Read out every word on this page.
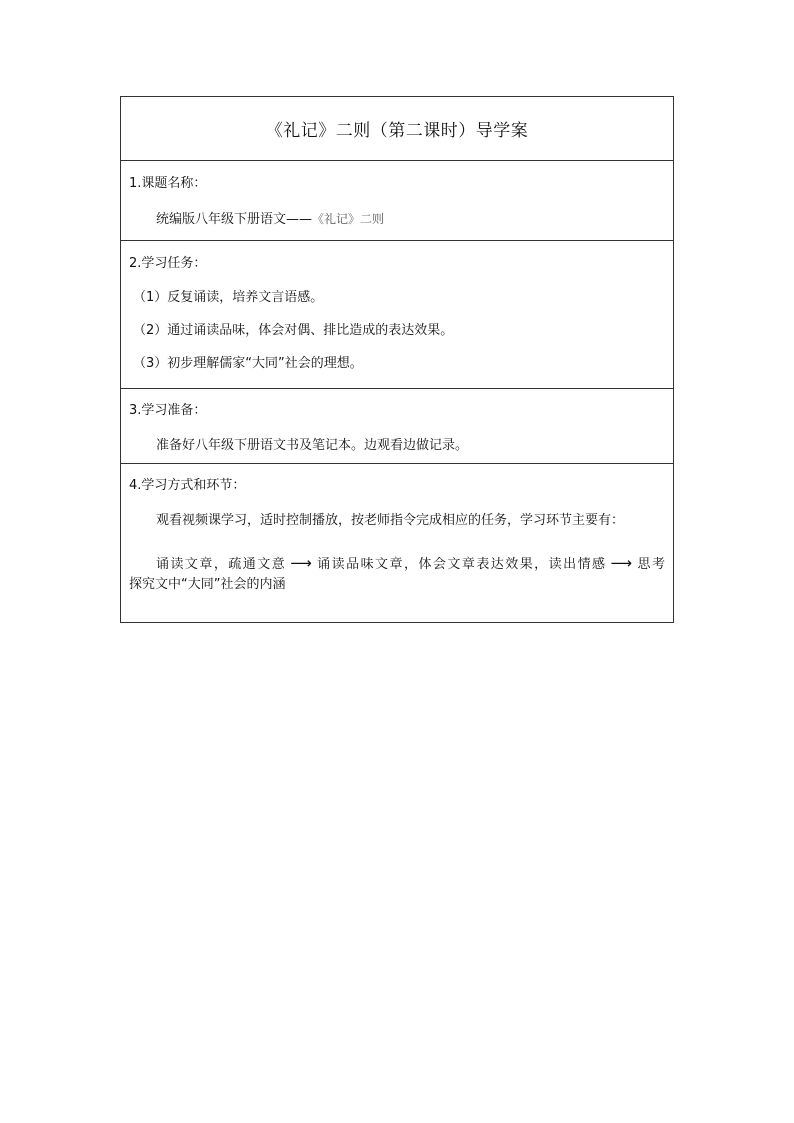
《礼记》二则（第二课时）导学案
1.课题名称：
统编版八年级下册语文——《礼记》二则
2.学习任务：
（1）反复诵读，培养文言语感。
（2）通过诵读品味，体会对偶、排比造成的表达效果。
（3）初步理解儒家“大同”社会的理想。
3.学习准备：
准备好八年级下册语文书及笔记本。边观看边做记录。
4.学习方式和环节：
观看视频课学习，适时控制播放，按老师指令完成相应的任务，学习环节主要有：
诵读文章，疏通文意 ⟶ 诵读品味文章，体会文章表达效果，读出情感 ⟶ 思考
探究文中“大同”社会的内涵
